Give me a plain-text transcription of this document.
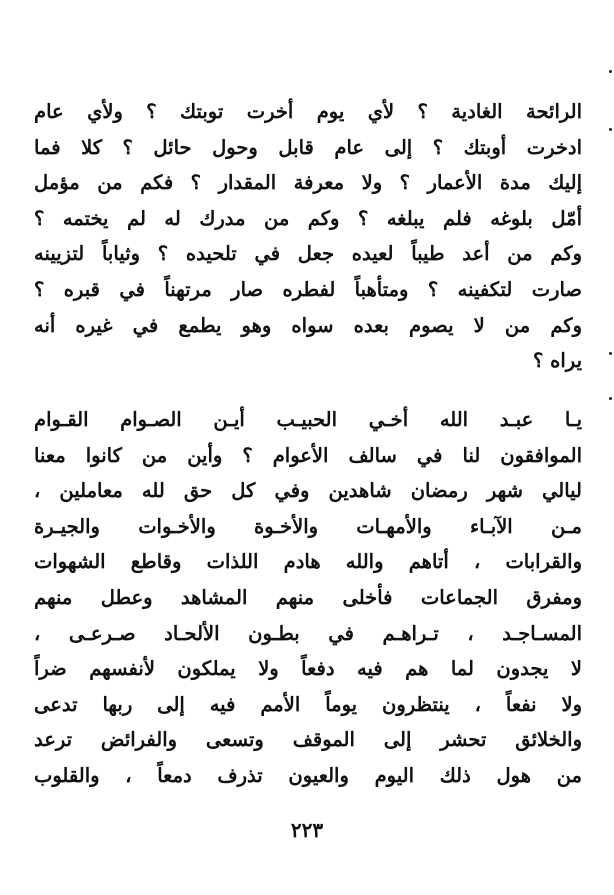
الرائحة الغادية ؟ لأي يوم أخرت توبتك ؟ ولأي عام
ادخرت أوبتك ؟ إلى عام قابل وحول حائل ؟ كلا فما
إليك مدة الأعمار ؟ ولا معرفة المقدار ؟ فكم من مؤمل
أمّل بلوغه فلم يبلغه ؟ وكم من مدرك له لم يختمه ؟
وكم من أعد طيباً لعيده جعل في تلحيده ؟ وثياباً لتزيينه
صارت لتكفينه ؟ ومتأهباً لفطره صار مرتهناً في قبره ؟
وكم من لا يصوم بعده سواه وهو يطمع في غيره أنه
يراه ؟
يـا عبـد الله أخـي الحبيـب أيـن الصـوام القـوام
الموافقون لنا في سالف الأعوام ؟ وأين من كانوا معنا
ليالي شهر رمضان شاهدين وفي كل حق لله معاملين ،
مـن الآبـاء والأمهـات والأخـوة والأخـوات والجيـرة
والقرابات ، أتاهم والله هادم اللذات وقاطع الشهوات
ومفرق الجماعات فأخلى منهم المشاهد وعطل منهم
المسـاجـد ، تـراهـم في بطـون الألحـاد صـرعـى ،
لا يجدون لما هم فيه دفعاً ولا يملكون لأنفسهم ضراً
ولا نفعاً ، ينتظرون يوماً الأمم فيه إلى ربها تدعى
والخلائق تحشر إلى الموقف وتسعى والفرائض ترعد
من هول ذلك اليوم والعيون تذرف دمعاً ، والقلوب
٢٢٣
